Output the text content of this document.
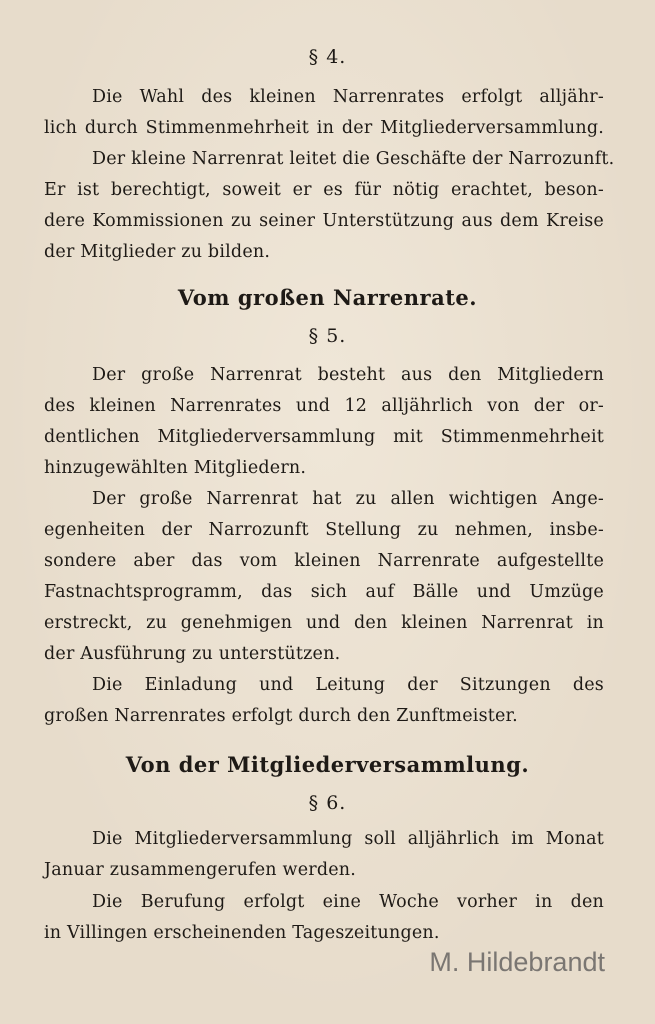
§ 4.
Die Wahl des kleinen Narrenrates erfolgt alljähr-
lich durch Stimmenmehrheit in der Mitgliederversammlung.
Der kleine Narrenrat leitet die Geschäfte der Narrozunft.
Er ist berechtigt, soweit er es für nötig erachtet, beson-
dere Kommissionen zu seiner Unterstützung aus dem Kreise
der Mitglieder zu bilden.
Vom großen Narrenrate.
§ 5.
Der große Narrenrat besteht aus den Mitgliedern
des kleinen Narrenrates und 12 alljährlich von der or-
dentlichen Mitgliederversammlung mit Stimmenmehrheit
hinzugewählten Mitgliedern.
Der große Narrenrat hat zu allen wichtigen Ange-
egenheiten der Narrozunft Stellung zu nehmen, insbe-
sondere aber das vom kleinen Narrenrate aufgestellte
Fastnachtsprogramm, das sich auf Bälle und Umzüge
erstreckt, zu genehmigen und den kleinen Narrenrat in
der Ausführung zu unterstützen.
Die Einladung und Leitung der Sitzungen des
großen Narrenrates erfolgt durch den Zunftmeister.
Von der Mitgliederversammlung.
§ 6.
Die Mitgliederversammlung soll alljährlich im Monat
Januar zusammengerufen werden.
Die Berufung erfolgt eine Woche vorher in den
in Villingen erscheinenden Tageszeitungen.
M. Hildebrandt
